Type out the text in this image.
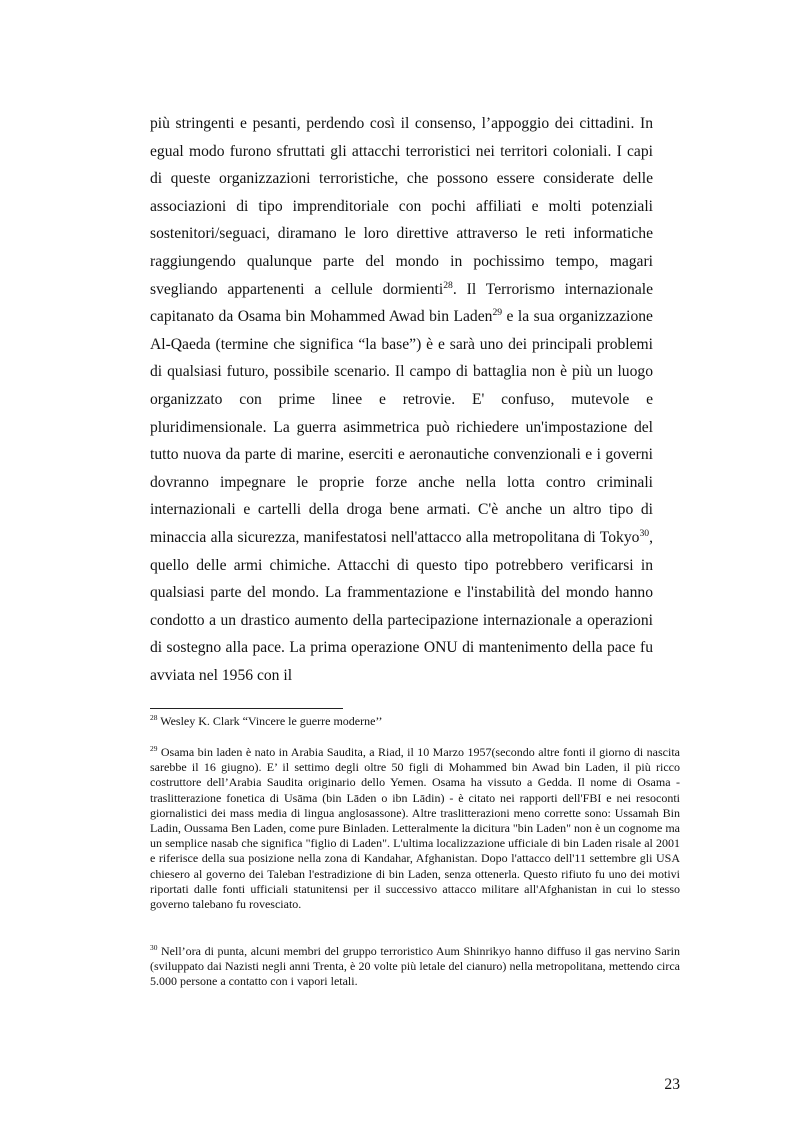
più stringenti e pesanti, perdendo così il consenso, l’appoggio dei cittadini. In egual modo furono sfruttati gli attacchi terroristici nei territori coloniali. I capi di queste organizzazioni terroristiche, che possono essere considerate delle associazioni di tipo imprenditoriale con pochi affiliati e molti potenziali sostenitori/seguaci, diramano le loro direttive attraverso le reti informatiche raggiungendo qualunque parte del mondo in pochissimo tempo, magari svegliando appartenenti a cellule dormienti$^{28}$. Il Terrorismo internazionale capitanato da Osama bin Mohammed Awad bin Laden$^{29}$ e la sua organizzazione Al-Qaeda (termine che significa “la base”) è e sarà uno dei principali problemi di qualsiasi futuro, possibile scenario. Il campo di battaglia non è più un luogo organizzato con prime linee e retrovie. E' confuso, mutevole e pluridimensionale. La guerra asimmetrica può richiedere un'impostazione del tutto nuova da parte di marine, eserciti e aeronautiche convenzionali e i governi dovranno impegnare le proprie forze anche nella lotta contro criminali internazionali e cartelli della droga bene armati. C'è anche un altro tipo di minaccia alla sicurezza, manifestatosi nell'attacco alla metropolitana di Tokyo$^{30}$, quello delle armi chimiche. Attacchi di questo tipo potrebbero verificarsi in qualsiasi parte del mondo. La frammentazione e l'instabilità del mondo hanno condotto a un drastico aumento della partecipazione internazionale a operazioni di sostegno alla pace. La prima operazione ONU di mantenimento della pace fu avviata nel 1956 con il

$^{28}$ Wesley K. Clark “Vincere le guerre moderne’’

$^{29}$ Osama bin laden è nato in Arabia Saudita, a Riad, il 10 Marzo 1957(secondo altre fonti il giorno di nascita sarebbe il 16 giugno). E’ il settimo degli oltre 50 figli di Mohammed bin Awad bin Laden, il più ricco costruttore dell’Arabia Saudita originario dello Yemen. Osama ha vissuto a Gedda. Il nome di Osama - traslitterazione fonetica di Usāma (bin Lāden o ibn Lādin) - è citato nei rapporti dell'FBI e nei resoconti giornalistici dei mass media di lingua anglosassone). Altre traslitterazioni meno corrette sono: Ussamah Bin Ladin, Oussama Ben Laden, come pure Binladen. Letteralmente la dicitura "bin Laden" non è un cognome ma un semplice nasab che significa "figlio di Laden". L'ultima localizzazione ufficiale di bin Laden risale al 2001 e riferisce della sua posizione nella zona di Kandahar, Afghanistan. Dopo l'attacco dell'11 settembre gli USA chiesero al governo dei Taleban l'estradizione di bin Laden, senza ottenerla. Questo rifiuto fu uno dei motivi riportati dalle fonti ufficiali statunitensi per il successivo attacco militare all'Afghanistan in cui lo stesso governo talebano fu rovesciato.

$^{30}$ Nell’ora di punta, alcuni membri del gruppo terroristico Aum Shinrikyo hanno diffuso il gas nervino Sarin (sviluppato dai Nazisti negli anni Trenta, è 20 volte più letale del cianuro) nella metropolitana, mettendo circa 5.000 persone a contatto con i vapori letali.

23
